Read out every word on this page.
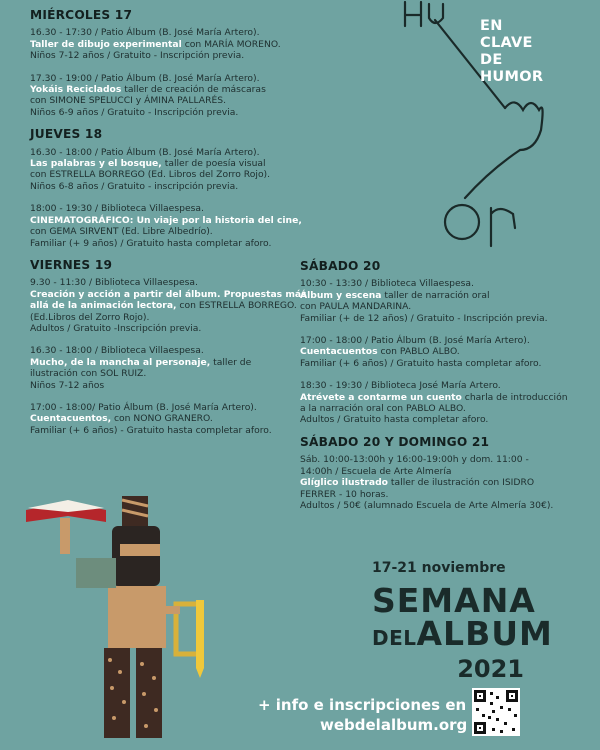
EN
CLAVE
DE
HUMOR
MIÉRCOLES 17
16.30 - 17:30 / Patio Álbum (B. José María Artero).
Taller de dibujo experimental con MARÍA MORENO.
Niños 7-12 años / Gratuito - Inscripción previa.
17.30 - 19:00 / Patio Álbum (B. José María Artero).
Yokáis Reciclados taller de creación de máscaras
con SIMONE SPELUCCI y ÁMINA PALLARÉS.
Niños 6-9 años / Gratuito - Inscripción previa.
JUEVES 18
16.30 - 18:00 / Patio Álbum (B. José María Artero).
Las palabras y el bosque, taller de poesía visual
con ESTRELLA BORREGO (Ed. Libros del Zorro Rojo).
Niños 6-8 años / Gratuito - inscripción previa.
18:00 - 19:30 / Biblioteca Villaespesa.
CINEMATOGRÁFICO: Un viaje por la historia del cine,
con GEMA SIRVENT (Ed. Libre Albedrío).
Familiar (+ 9 años) / Gratuito hasta completar aforo.
VIERNES 19
9.30 - 11:30 / Biblioteca Villaespesa.
Creación y acción a partir del álbum. Propuestas más
allá de la animación lectora, con ESTRELLA BORREGO.
(Ed.Libros del Zorro Rojo).
Adultos / Gratuito -Inscripción previa.
16.30 - 18:00 / Biblioteca Villaespesa.
Mucho, de la mancha al personaje, taller de
ilustración con SOL RUIZ.
Niños 7-12 años
17:00 - 18:00/ Patio Álbum (B. José María Artero).
Cuentacuentos, con NONO GRANERO.
Familiar (+ 6 años) - Gratuito hasta completar aforo.
SÁBADO 20
10:30 - 13:30 / Biblioteca Villaespesa.
Álbum y escena taller de narración oral
con PAULA MANDARINA.
Familiar (+ de 12 años) / Gratuito - Inscripción previa.
17:00 - 18:00 / Patio Álbum (B. José María Artero).
Cuentacuentos con PABLO ALBO.
Familiar (+ 6 años) / Gratuito hasta completar aforo.
18:30 - 19:30 / Biblioteca José María Artero.
Atrévete a contarme un cuento charla de introducción
a la narración oral con PABLO ALBO.
Adultos / Gratuito hasta completar aforo.
SÁBADO 20 Y DOMINGO 21
Sáb. 10:00-13:00h y 16:00-19:00h y dom. 11:00 -
14:00h / Escuela de Arte Almería
Glíglico ilustrado taller de ilustración con ISIDRO
FERRER - 10 horas.
Adultos / 50€ (alumnado Escuela de Arte Almería 30€).
17-21 noviembre
SEMANA
DELALBUM
2021
+ info e inscripciones en
webdelalbum.org
